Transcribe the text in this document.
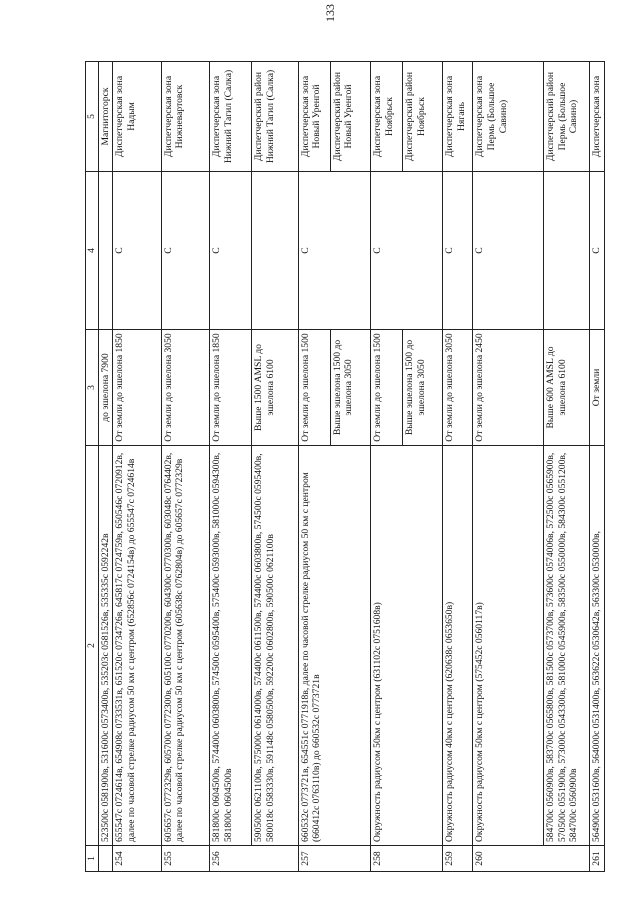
133
1	2	3	4	5
	523500с 0581900в, 531600с 0573400в, 535203с 0581526в, 535335с 0592242в	до эшелона 7900		Магнитогорск
254	655547с 0724614в, 654908с 0733531в, 651520с 0734726в, 645817с 0724759в, 650546с 0720912в, далее по часовой стрелке радиусом 50 км с центром (652856с 0724154в) до 655547с 0724614в	От земли до эшелона 1850	С	Диспетчерская зона Надым
255	605657с 0772329в, 605700с 0772300в, 605100с 0770200в, 604300с 0770300в, 603048с 0764402в, далее по часовой стрелке радиусом 50 км с центром (605638с 0762804в) до 605657с 0772329в	От земли до эшелона 3050	С	Диспетчерская зона Нижневартовск
256	581800с 0604500в, 574400с 0603800в, 574500с 0595400в, 575400с 0593000в, 581000с 0594300в, 581800с 0604500в	От земли до эшелона 1850	С	Диспетчерская зона Нижний Тагил (Салка)
	590500с 0621100в, 575000с 0614000в, 574400с 0611500в, 574400с 0603800в, 574500с 0595400в, 580018с 0583330в, 591148с 0580500в, 592200с 0602800в, 590500с 0621100в	Выше 1500 AMSL до эшелона 6100		Диспетчерский район Нижний Тагил (Салка)
257	660532с 0773721в, 654551с 0771918в, далее по часовой стрелке радиусом 50 км с центром (660412с 0763110в) до 660532с 0773721в	От земли до эшелона 1500	С	Диспетчерская зона Новый Уренгой
		Выше эшелона 1500 до эшелона 3050		Диспетчерский район Новый Уренгой
258	Окружность радиусом 50км с центром (631102с 0751608в)	От земли до эшелона 1500	С	Диспетчерская зона Ноябрьск
		Выше эшелона 1500 до эшелона 3050		Диспетчерский район Ноябрьск
259	Окружность радиусом 40км с центром (620638с 0653650в)	От земли до эшелона 3050	С	Диспетчерская зона Нягань
260	Окружность радиусом 50км с центром (575452с 0560117в)	От земли до эшелона 2450	С	Диспетчерская зона Пермь (Большое Савино)
	584700с 0560900в, 583700с 0565800в, 581500с 0573700в, 573600с 0574006в, 572500с 0565900в, 570500с 0551900в, 573000с 0543300в, 581000с 0545900в, 583500с 0550000в, 584300с 0551200в, 584700с 0560900в	Выше 600 AMSL до эшелона 6100		Диспетчерский район Пермь (Большое Савино)
261	564900с 0531600в, 564000с 0531400в, 563622с 0530642в, 563300с 0530000в,	От земли	С	Диспетчерская зона
